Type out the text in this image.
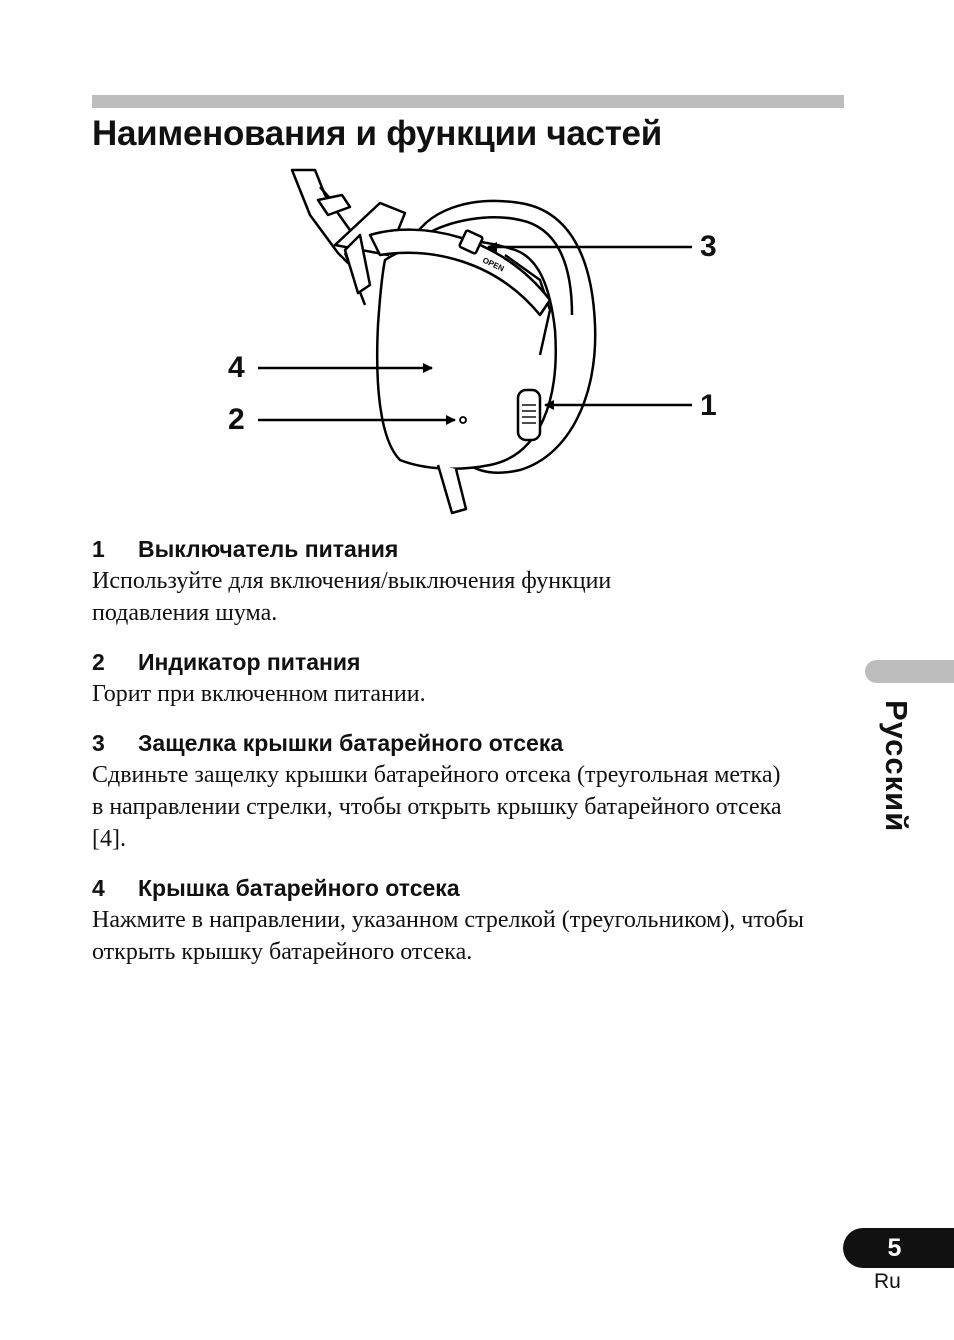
Наименования и функции частей
OPEN
3
4
2	1
1 Выключатель питания
Используйте для включения/выключения функции подавления шума.
2 Индикатор питания
Горит при включенном питании.
3 Защелка крышки батарейного отсека
Сдвиньте защелку крышки батарейного отсека (треугольная метка) в направлении стрелки, чтобы открыть крышку батарейного отсека [4].
4 Крышка батарейного отсека
Нажмите в направлении, указанном стрелкой (треугольником), чтобы открыть крышку батарейного отсека.
Русский
5
Ru
